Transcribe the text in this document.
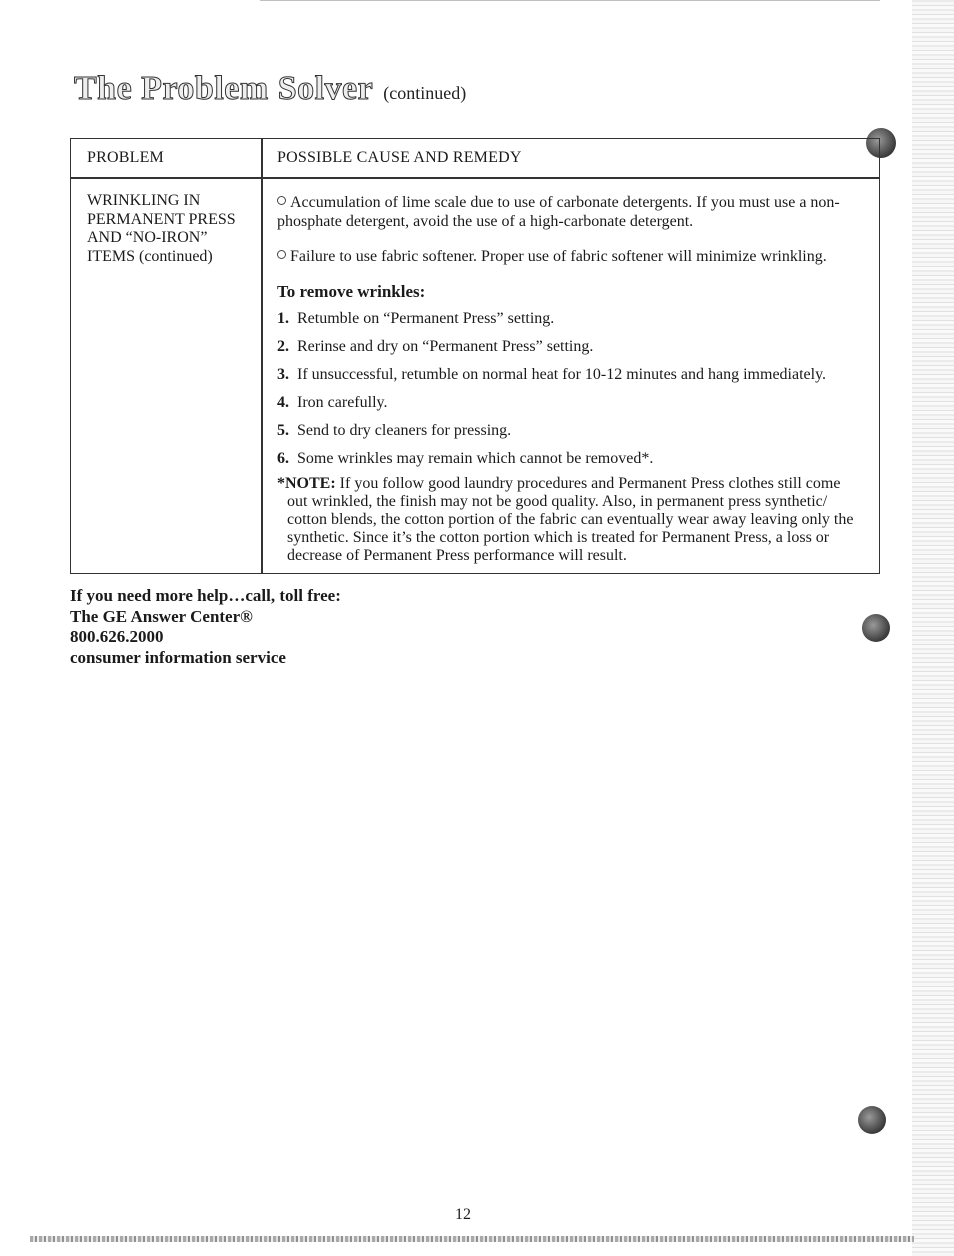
The Problem Solver (continued)
PROBLEM	POSSIBLE CAUSE AND REMEDY
WRINKLING IN
PERMANENT PRESS
AND “NO-IRON”
ITEMS (continued)
Accumulation of lime scale due to use of carbonate detergents. If you must use a non-phosphate detergent, avoid the use of a high-carbonate detergent.
Failure to use fabric softener. Proper use of fabric softener will minimize wrinkling.
To remove wrinkles:
1. Retumble on “Permanent Press” setting.
2. Rerinse and dry on “Permanent Press” setting.
3. If unsuccessful, retumble on normal heat for 10-12 minutes and hang immediately.
4. Iron carefully.
5. Send to dry cleaners for pressing.
6. Some wrinkles may remain which cannot be removed*.
*NOTE: If you follow good laundry procedures and Permanent Press clothes still come
out wrinkled, the finish may not be good quality. Also, in permanent press synthetic/
cotton blends, the cotton portion of the fabric can eventually wear away leaving only the
synthetic. Since it’s the cotton portion which is treated for Permanent Press, a loss or
decrease of Permanent Press performance will result.
If you need more help…call, toll free:
The GE Answer Center®
800.626.2000
consumer information service
12
